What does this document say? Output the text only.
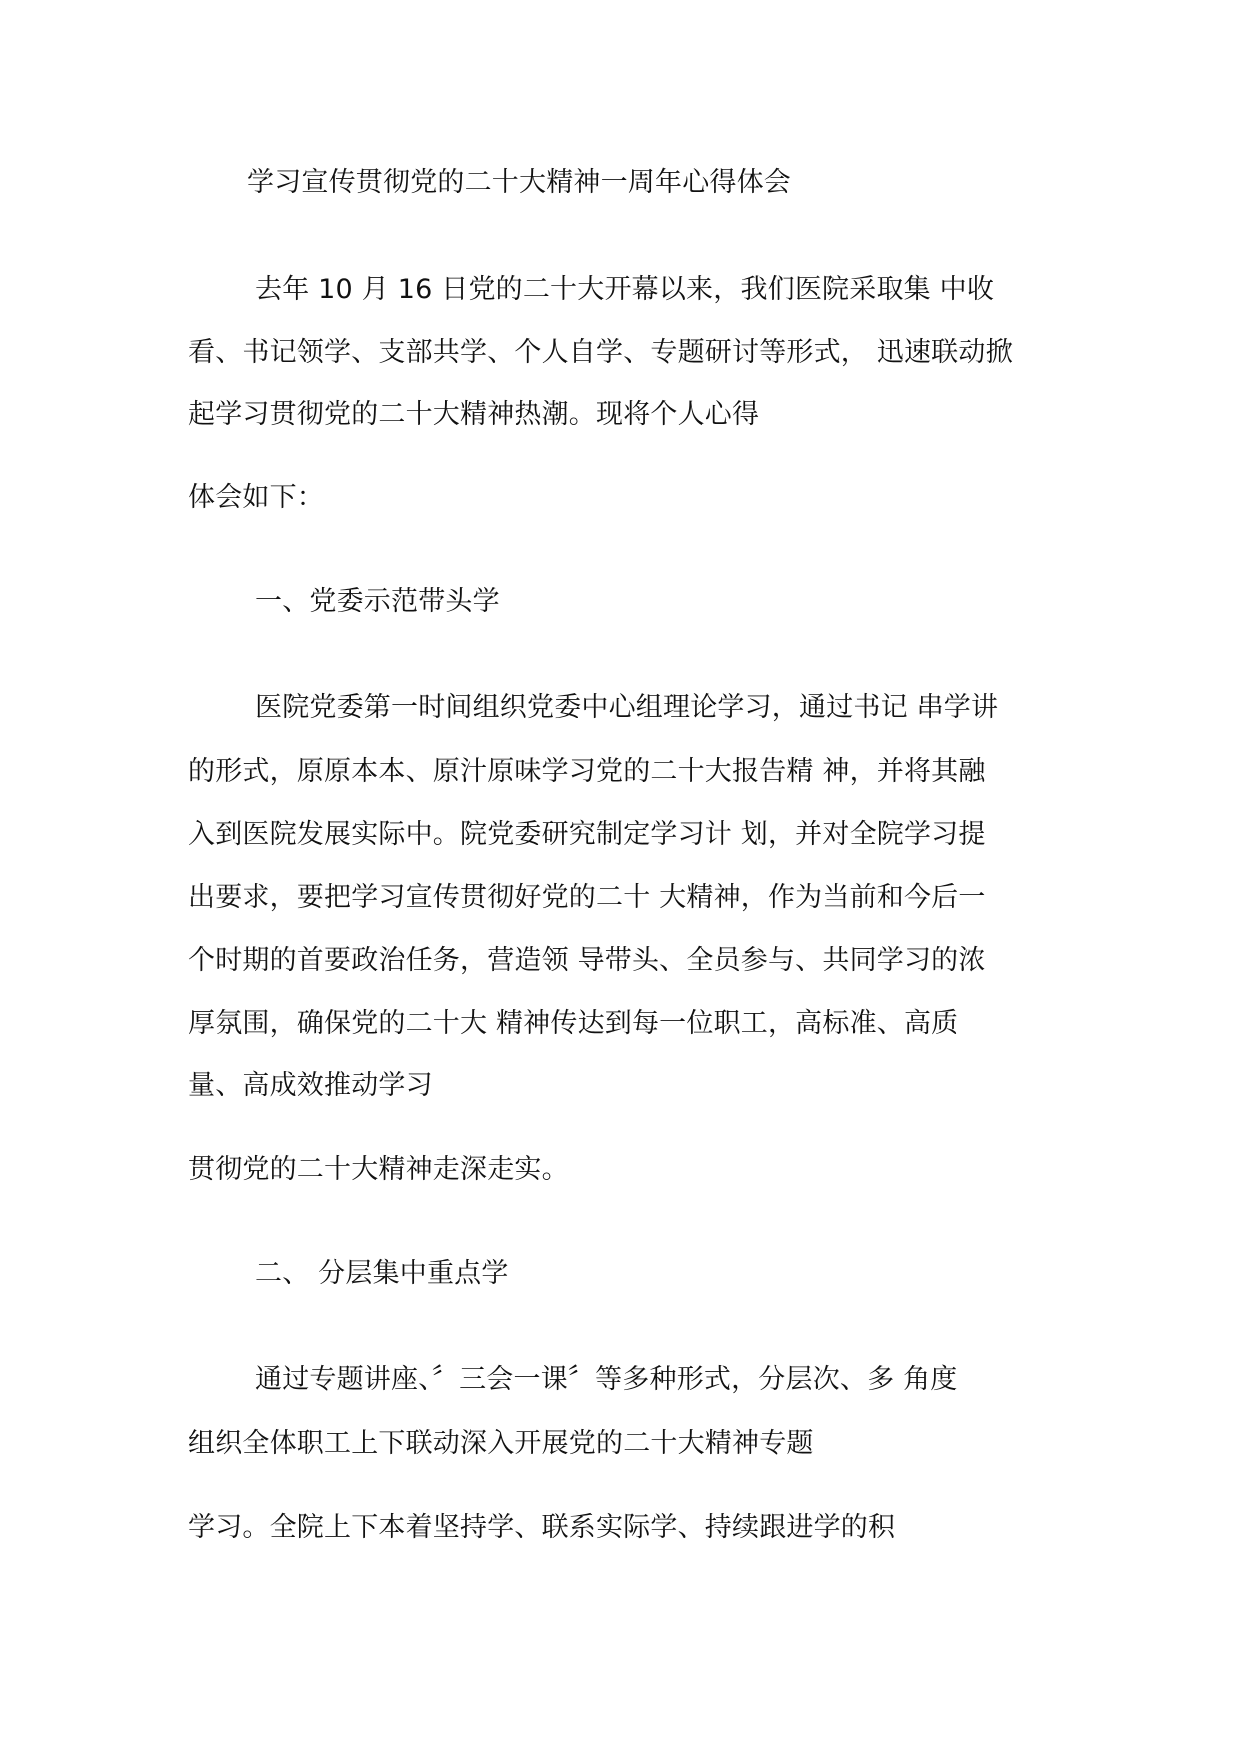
学习宣传贯彻党的二十大精神一周年心得体会
去年 10 月 16 日党的二十大开幕以来，我们医院采取集 中收
看、书记领学、支部共学、个人自学、专题研讨等形式， 迅速联动掀
起学习贯彻党的二十大精神热潮。现将个人心得
体会如下：
一、党委示范带头学
医院党委第一时间组织党委中心组理论学习，通过书记 串学讲
的形式，原原本本、原汁原味学习党的二十大报告精 神，并将其融
入到医院发展实际中。院党委研究制定学习计 划，并对全院学习提
出要求，要把学习宣传贯彻好党的二十 大精神，作为当前和今后一
个时期的首要政治任务，营造领 导带头、全员参与、共同学习的浓
厚氛围，确保党的二十大 精神传达到每一位职工，高标准、高质
量、高成效推动学习
贯彻党的二十大精神走深走实。
二、 分层集中重点学
通过专题讲座、〞三会一课〞等多种形式，分层次、多 角度
组织全体职工上下联动深入开展党的二十大精神专题
学习。全院上下本着坚持学、联系实际学、持续跟进学的积
